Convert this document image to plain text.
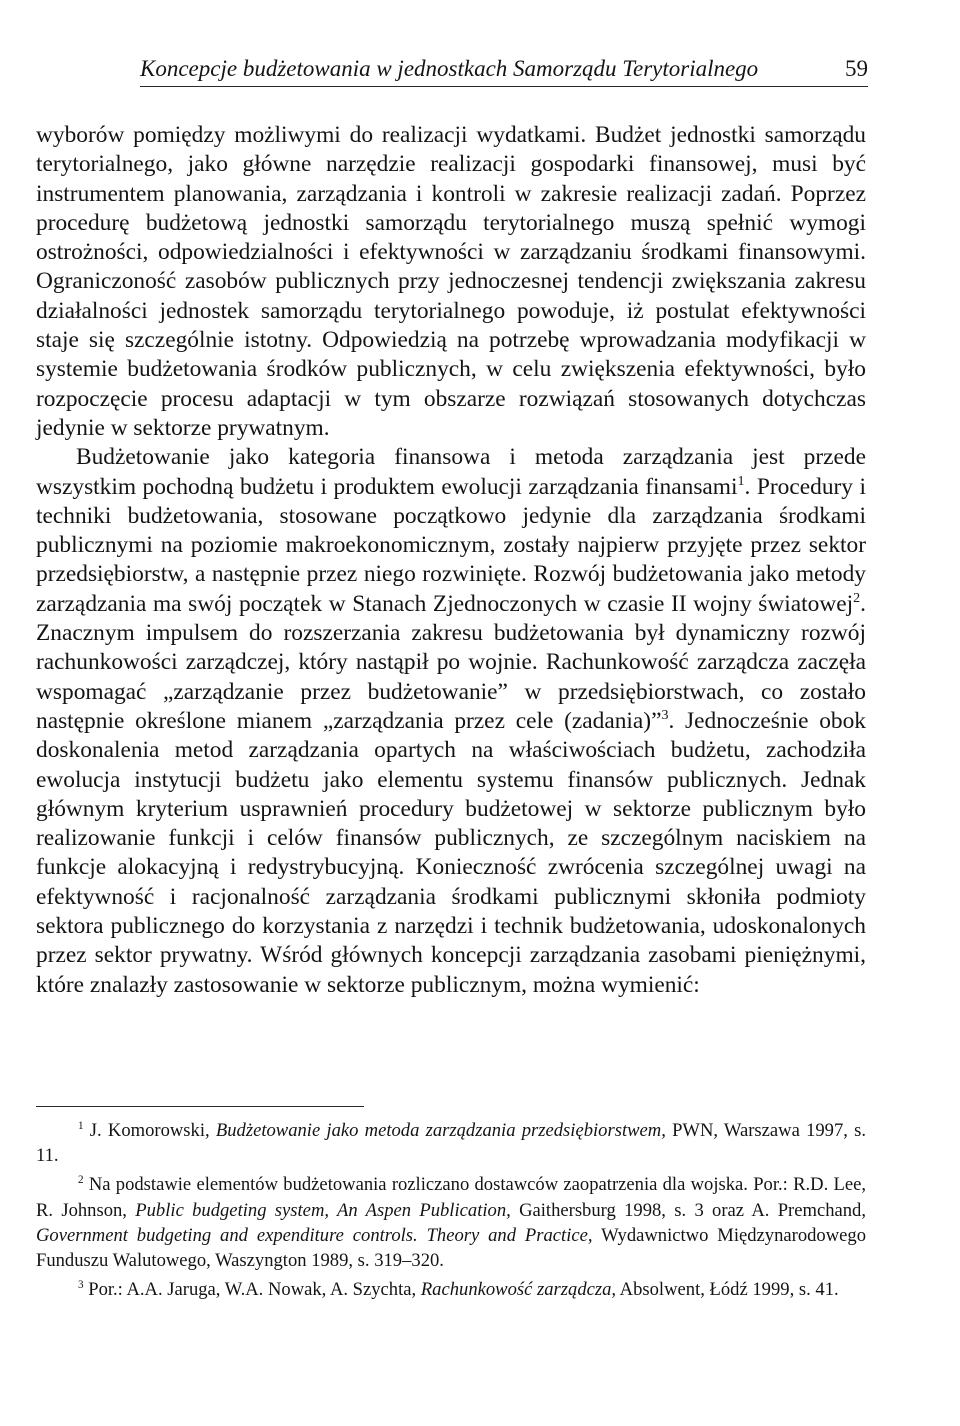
Koncepcje budżetowania w jednostkach Samorządu Terytorialnego	59

wyborów pomiędzy możliwymi do realizacji wydatkami. Budżet jednostki samorządu terytorialnego, jako główne narzędzie realizacji gospodarki finansowej, musi być instrumentem planowania, zarządzania i kontroli w zakresie realizacji zadań. Poprzez procedurę budżetową jednostki samorządu terytorialnego muszą spełnić wymogi ostrożności, odpowiedzialności i efektywności w zarządzaniu środkami finansowymi. Ograniczoność zasobów publicznych przy jednoczesnej tendencji zwiększania zakresu działalności jednostek samorządu terytorialnego powoduje, iż postulat efektywności staje się szczególnie istotny. Odpowiedzią na potrzebę wprowadzania modyfikacji w systemie budżetowania środków publicznych, w celu zwiększenia efektywności, było rozpoczęcie procesu adaptacji w tym obszarze rozwiązań stosowanych dotychczas jedynie w sektorze prywatnym.

Budżetowanie jako kategoria finansowa i metoda zarządzania jest przede wszystkim pochodną budżetu i produktem ewolucji zarządzania finansami$^1$. Procedury i techniki budżetowania, stosowane początkowo jedynie dla zarządzania środkami publicznymi na poziomie makroekonomicznym, zostały najpierw przyjęte przez sektor przedsiębiorstw, a następnie przez niego rozwinięte. Rozwój budżetowania jako metody zarządzania ma swój początek w Stanach Zjednoczonych w czasie II wojny światowej$^2$. Znacznym impulsem do rozszerzania zakresu budżetowania był dynamiczny rozwój rachunkowości zarządczej, który nastąpił po wojnie. Rachunkowość zarządcza zaczęła wspomagać „zarządzanie przez budżetowanie” w przedsiębiorstwach, co zostało następnie określone mianem „zarządzania przez cele (zadania)”$^3$. Jednocześnie obok doskonalenia metod zarządzania opartych na właściwościach budżetu, zachodziła ewolucja instytucji budżetu jako elementu systemu finansów publicznych. Jednak głównym kryterium usprawnień procedury budżetowej w sektorze publicznym było realizowanie funkcji i celów finansów publicznych, ze szczególnym naciskiem na funkcje alokacyjną i redystrybucyjną. Konieczność zwrócenia szczególnej uwagi na efektywność i racjonalność zarządzania środkami publicznymi skłoniła podmioty sektora publicznego do korzystania z narzędzi i technik budżetowania, udoskonalonych przez sektor prywatny. Wśród głównych koncepcji zarządzania zasobami pieniężnymi, które znalazły zastosowanie w sektorze publicznym, można wymienić:

$^1$ J. Komorowski, Budżetowanie jako metoda zarządzania przedsiębiorstwem, PWN, Warszawa 1997, s. 11.

$^2$ Na podstawie elementów budżetowania rozliczano dostawców zaopatrzenia dla wojska. Por.: R.D. Lee, R. Johnson, Public budgeting system, An Aspen Publication, Gaithersburg 1998, s. 3 oraz A. Premchand, Government budgeting and expenditure controls. Theory and Practice, Wydawnictwo Międzynarodowego Funduszu Walutowego, Waszyngton 1989, s. 319–320.

$^3$ Por.: A.A. Jaruga, W.A. Nowak, A. Szychta, Rachunkowość zarządcza, Absolwent, Łódź 1999, s. 41.
